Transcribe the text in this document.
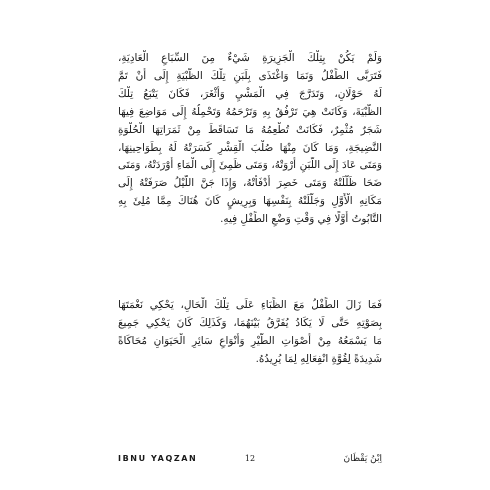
وَلَمْ يَكُنْ بِتِلْكَ الْجَزِيرَةِ شَيْءٌ مِنَ السِّبَاعِ الْعَادِيَةِ،
فَتَرَبَّى الطِّفْلُ وَنَمَا وَاغْتَذَى بِلَبَنِ تِلْكَ الظَّبْيَةِ إِلَى أَنْ تَمَّ
لَهُ حَوْلَانِ، وَتَدَرَّجَ فِي الْمَشْيِ وَأَثْغَرَ، فَكَانَ يَتْبَعُ تِلْكَ
الظَّبْيَةَ، وَكَانَتْ هِيَ تَرْفُقُ بِهِ وَتَرْحَمُهُ وَتَحْمِلُهُ إِلَى مَوَاضِعَ فِيهَا
شَجَرٌ مُثْمِرٌ، فَكَانَتْ تُطْعِمُهُ مَا تَسَاقَطَ مِنْ ثَمَرَاتِهَا الْحُلْوَةِ
النَّضِيجَةِ، وَمَا كَانَ مِنْهَا صُلْبَ الْقِشْرِ كَسَرَتْهُ لَهُ بِطَوَاحِينِهَا،
وَمَتَى عَادَ إِلَى اللَّبَنِ أَرْوَتْهُ، وَمَتَى ظَمِئَ إِلَى الْمَاءِ أَوْرَدَتْهُ، وَمَتَى
ضَحَا ظَلَّلَتْهُ وَمَتَى خَصِرَ أَدْفَأَتْهُ، وَإِذَا جَنَّ اللَّيْلُ صَرَفَتْهُ إِلَى
مَكَانِهِ الْأَوَّلِ وَجَلَّلَتْهُ بِنَفْسِهَا وَبِرِيشٍ كَانَ هُنَاكَ مِمَّا مُلِئَ بِهِ
التَّابُوتُ أَوَّلًا فِي وَقْتِ وَضْعِ الطِّفْلِ فِيهِ.
فَمَا زَالَ الطِّفْلُ مَعَ الظِّبَاءِ عَلَى تِلْكَ الْحَالِ، يَحْكِي نَغْمَتَهَا
بِصَوْتِهِ حَتَّى لَا يَكَادُ يُفَرَّقُ بَيْنَهُمَا، وَكَذَلِكَ كَانَ يَحْكِي جَمِيعَ
مَا يَسْمَعُهُ مِنْ أَصْوَاتِ الطَّيْرِ وَأَنْوَاعِ سَائِرِ الْحَيَوَانِ مُحَاكَاةً
شَدِيدَةً لِقُوَّةِ انْفِعَالِهِ لِمَا يُرِيدُهُ.
IBNU YAQZAN	12	اِبْنُ يَقْظَانَ
